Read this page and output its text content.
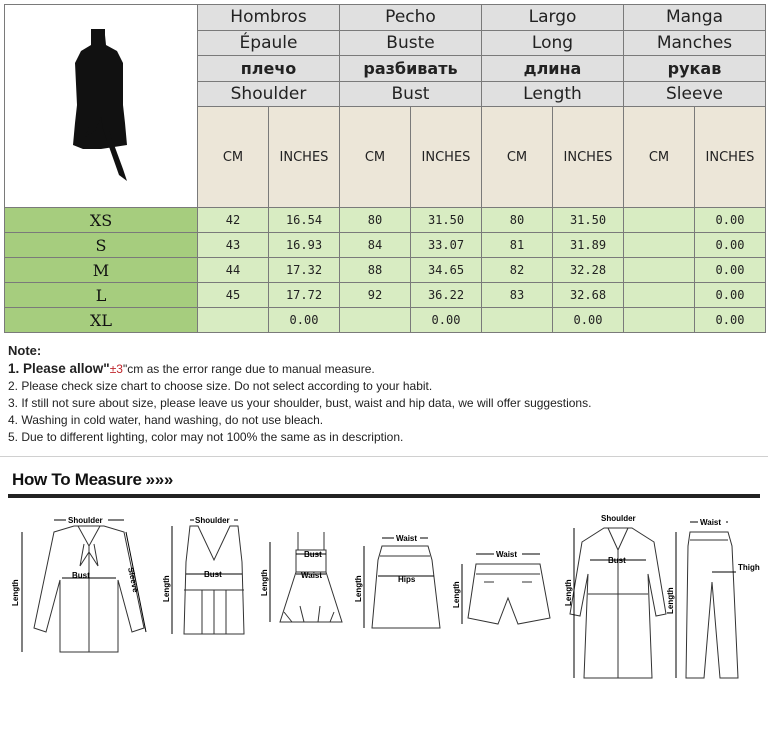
	Hombros		Pecho		Largo		Manga	
	Épaule		Buste		Long		Manches	
	плечо		разбивать		длина		рукав	
	Shoulder		Bust		Length		Sleeve	
	CM	INCHES	CM	INCHES	CM	INCHES	CM	INCHES
XS	42	16.54	80	31.50	80	31.50		0.00
S	43	16.93	84	33.07	81	31.89		0.00
M	44	17.32	88	34.65	82	32.28		0.00
L	45	17.72	92	36.22	83	32.68		0.00
XL		0.00		0.00		0.00		0.00
Note:
1. Please allow"±3"cm as the error range due to manual measure.
2. Please check size chart to choose size. Do not select according to your habit.
3. If still not sure about size, please leave us your shoulder, bust, waist and hip data, we will offer suggestions.
4. Washing in cold water, hand washing, do not use bleach.
5. Due to different lighting, color may not 100% the same as in description.
How To Measure »»»
Shoulder
Bust
Length	Sleeve
Shoulder
Bust
Length
Bust
Waist
Length
Waist
Hips
Length
Waist
Length
Shoulder
Bust
Length
Waist
Thigh
Length
